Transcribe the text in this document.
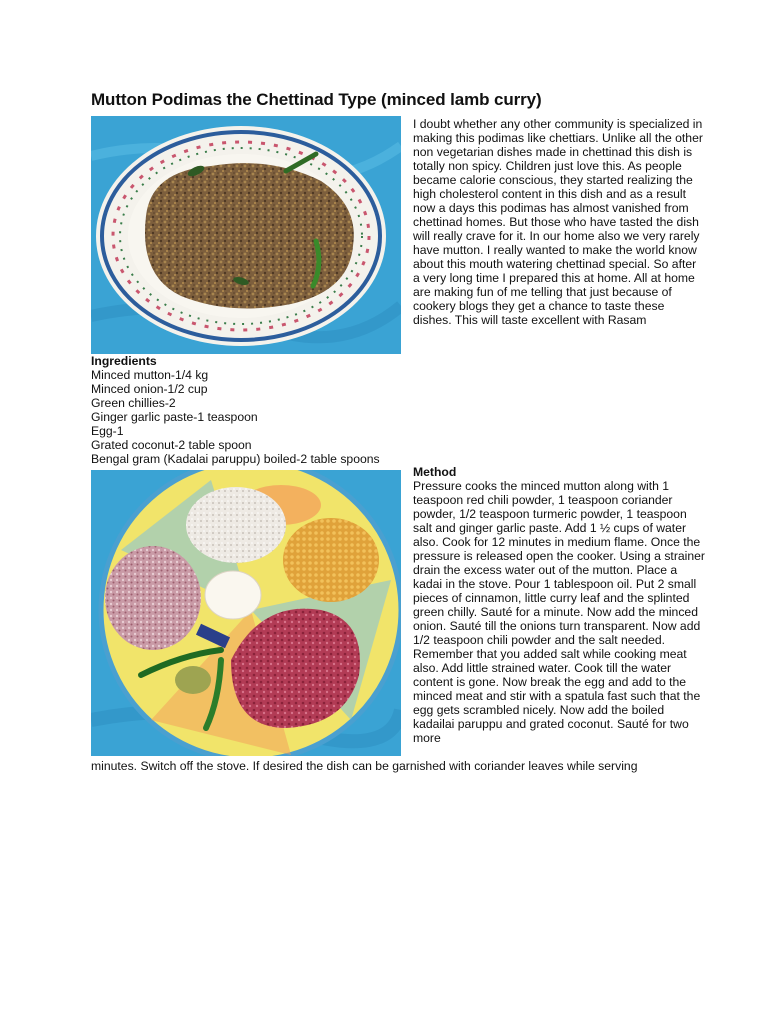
Mutton Podimas the Chettinad Type (minced lamb curry)

I doubt whether any other community is specialized in making this podimas like chettiars. Unlike all the other non vegetarian dishes made in chettinad this dish is totally non spicy. Children just love this. As people became calorie conscious, they started realizing the high cholesterol content in this dish and as a result now a days this podimas has almost vanished from chettinad homes. But those who have tasted the dish will really crave for it. In our home also we very rarely have mutton. I really wanted to make the world know about this mouth watering chettinad special. So after a very long time I prepared this at home. All at home are making fun of me telling that just because of cookery blogs they get a chance to taste these dishes. This will taste excellent with Rasam

Ingredients
Minced mutton-1/4 kg
Minced onion-1/2 cup
Green chillies-2
Ginger garlic paste-1 teaspoon
Egg-1
Grated coconut-2 table spoon
Bengal gram (Kadalai paruppu) boiled-2 table spoons
Method

Pressure cooks the minced mutton along with 1 teaspoon red chili powder, 1 teaspoon coriander powder, 1/2 teaspoon turmeric powder, 1 teaspoon salt and ginger garlic paste. Add 1 ½ cups of water also. Cook for 12 minutes in medium flame. Once the pressure is released open the cooker. Using a strainer drain the excess water out of the mutton. Place a kadai in the stove. Pour 1 tablespoon oil. Put 2 small pieces of cinnamon, little curry leaf and the splinted green chilly. Sauté for a minute. Now add the minced onion. Sauté till the onions turn transparent. Now add 1/2 teaspoon chili powder and the salt needed. Remember that you added salt while cooking meat also. Add little strained water. Cook till the water content is gone. Now break the egg and add to the minced meat and stir with a spatula fast such that the egg gets scrambled nicely. Now add the boiled kadailai paruppu and grated coconut. Sauté for two more

minutes. Switch off the stove. If desired the dish can be garnished with coriander leaves while serving
